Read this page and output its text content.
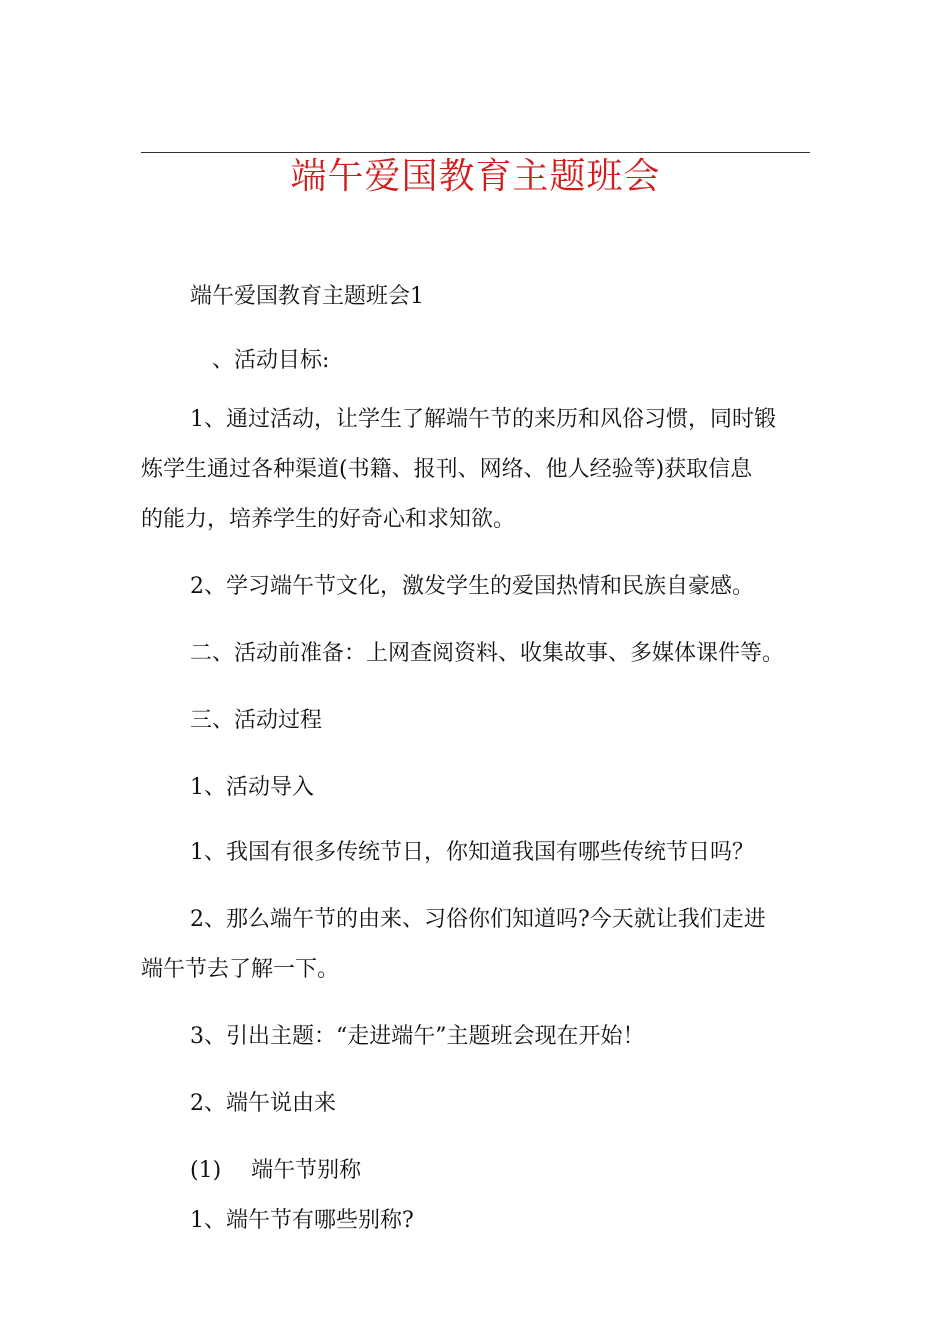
端午爱国教育主题班会
端午爱国教育主题班会1
、活动目标:
1、通过活动，让学生了解端午节的来历和风俗习惯，同时锻
炼学生通过各种渠道(书籍、报刊、网络、他人经验等)获取信息
的能力，培养学生的好奇心和求知欲。
2、学习端午节文化，激发学生的爱国热情和民族自豪感。
二、活动前准备：上网查阅资料、收集故事、多媒体课件等。
三、活动过程
1、活动导入
1、我国有很多传统节日，你知道我国有哪些传统节日吗？
2、那么端午节的由来、习俗你们知道吗?今天就让我们走进
端午节去了解一下。
3、引出主题：“走进端午”主题班会现在开始！
2、端午说由来
(1) 端午节别称
1、端午节有哪些别称?
